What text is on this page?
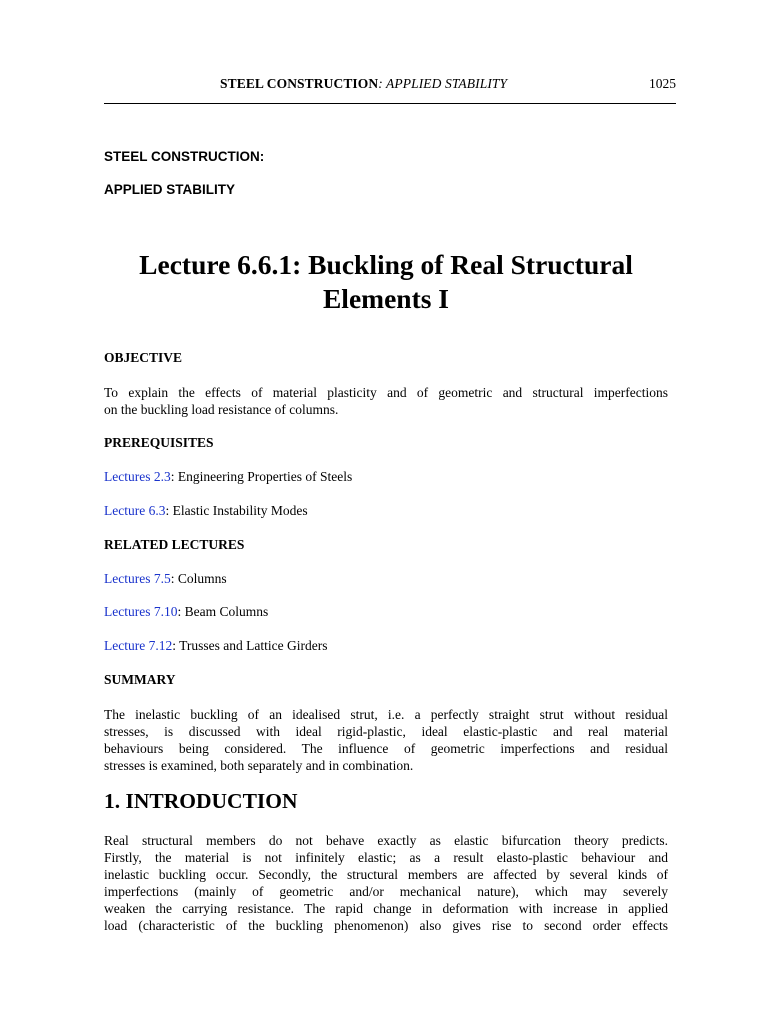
STEEL CONSTRUCTION: APPLIED STABILITY	1025
STEEL CONSTRUCTION:
APPLIED STABILITY
Lecture 6.6.1: Buckling of Real Structural
Elements I
OBJECTIVE
To explain the effects of material plasticity and of geometric and structural imperfections
on the buckling load resistance of columns.
PREREQUISITES
Lectures 2.3: Engineering Properties of Steels
Lecture 6.3: Elastic Instability Modes
RELATED LECTURES
Lectures 7.5: Columns
Lectures 7.10: Beam Columns
Lecture 7.12: Trusses and Lattice Girders
SUMMARY
The inelastic buckling of an idealised strut, i.e. a perfectly straight strut without residual
stresses, is discussed with ideal rigid-plastic, ideal elastic-plastic and real material
behaviours being considered. The influence of geometric imperfections and residual
stresses is examined, both separately and in combination.
1. INTRODUCTION
Real structural members do not behave exactly as elastic bifurcation theory predicts.
Firstly, the material is not infinitely elastic; as a result elasto-plastic behaviour and
inelastic buckling occur. Secondly, the structural members are affected by several kinds of
imperfections (mainly of geometric and/or mechanical nature), which may severely
weaken the carrying resistance. The rapid change in deformation with increase in applied
load (characteristic of the buckling phenomenon) also gives rise to second order effects
